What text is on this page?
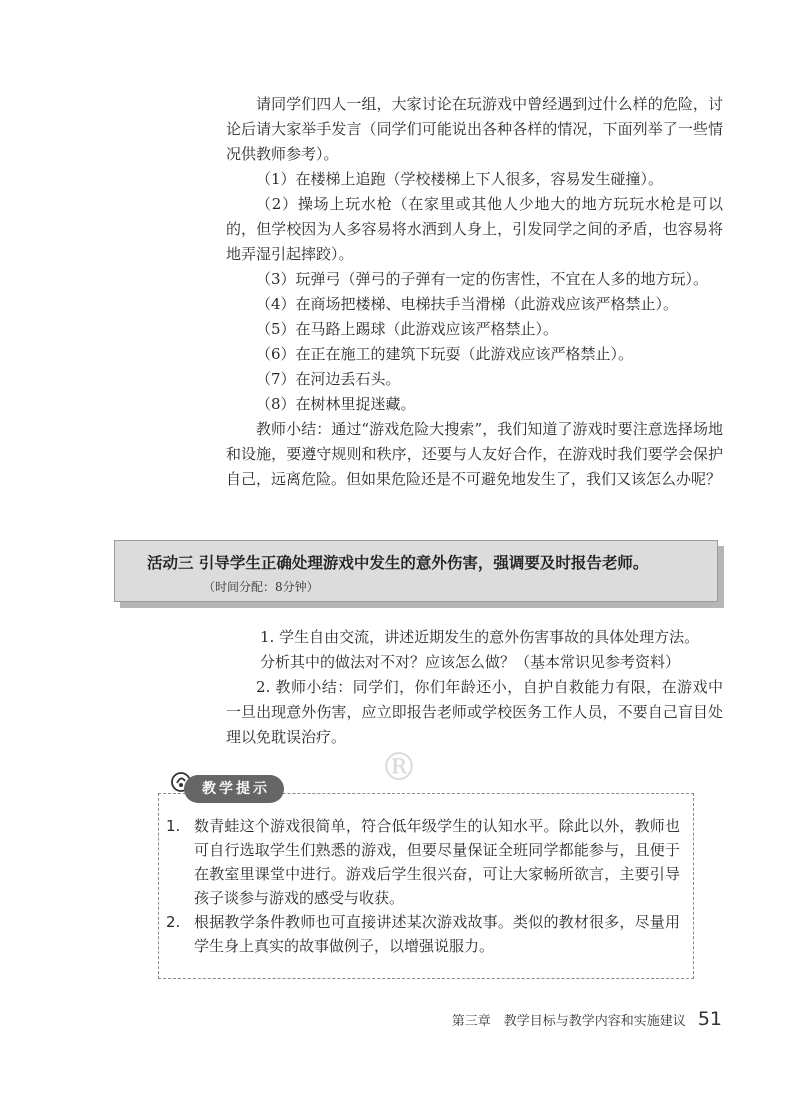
请同学们四人一组，大家讨论在玩游戏中曾经遇到过什么样的危险，讨论后请大家举手发言（同学们可能说出各种各样的情况，下面列举了一些情况供教师参考）。

（1）在楼梯上追跑（学校楼梯上下人很多，容易发生碰撞）。

（2）操场上玩水枪（在家里或其他人少地大的地方玩玩水枪是可以的，但学校因为人多容易将水洒到人身上，引发同学之间的矛盾，也容易将地弄湿引起摔跤）。

（3）玩弹弓（弹弓的子弹有一定的伤害性，不宜在人多的地方玩）。

（4）在商场把楼梯、电梯扶手当滑梯（此游戏应该严格禁止）。

（5）在马路上踢球（此游戏应该严格禁止）。

（6）在正在施工的建筑下玩耍（此游戏应该严格禁止）。

（7）在河边丢石头。

（8）在树林里捉迷藏。

教师小结：通过“游戏危险大搜索”，我们知道了游戏时要注意选择场地和设施，要遵守规则和秩序，还要与人友好合作，在游戏时我们要学会保护自己，远离危险。但如果危险还是不可避免地发生了，我们又该怎么办呢？

活动三 引导学生正确处理游戏中发生的意外伤害，强调要及时报告老师。
（时间分配：8分钟）

1. 学生自由交流，讲述近期发生的意外伤害事故的具体处理方法。

分析其中的做法对不对？应该怎么做？（基本常识见参考资料）

2. 教师小结：同学们，你们年龄还小，自护自救能力有限，在游戏中一旦出现意外伤害，应立即报告老师或学校医务工作人员，不要自己盲目处理以免耽误治疗。

®
教学提示
1. 数青蛙这个游戏很简单，符合低年级学生的认知水平。除此以外，教师也可自行选取学生们熟悉的游戏，但要尽量保证全班同学都能参与，且便于在教室里课堂中进行。游戏后学生很兴奋，可让大家畅所欲言，主要引导孩子谈参与游戏的感受与收获。
2. 根据教学条件教师也可直接讲述某次游戏故事。类似的教材很多，尽量用学生身上真实的故事做例子，以增强说服力。
第三章　教学目标与教学内容和实施建议 51
